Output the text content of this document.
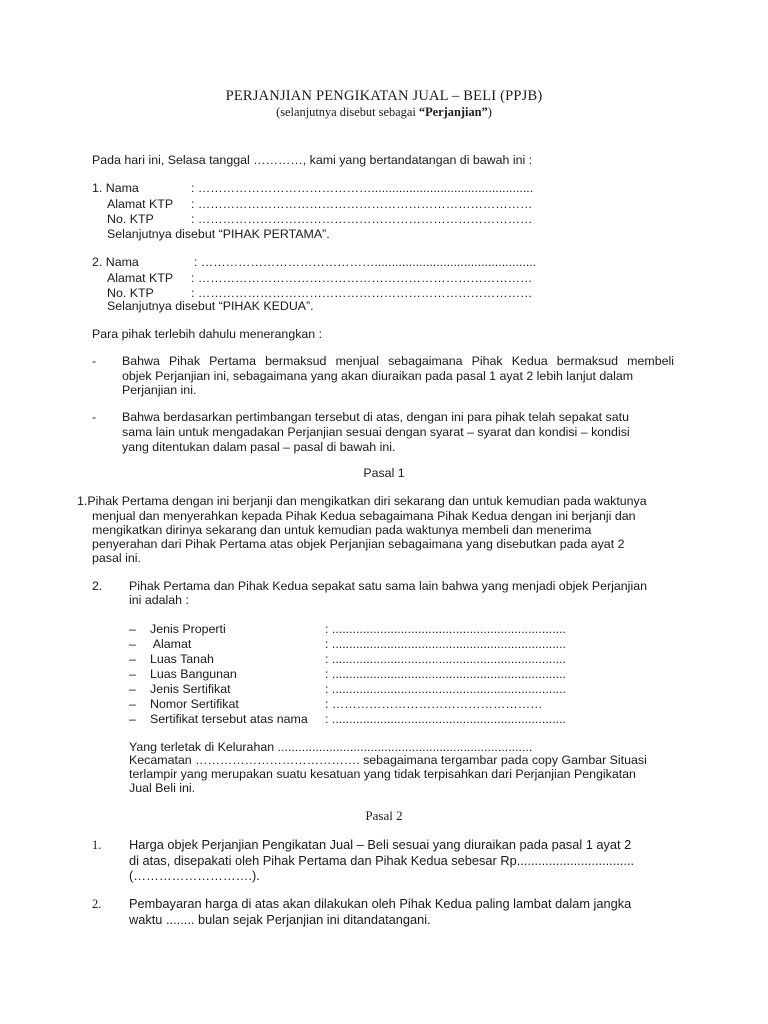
PERJANJIAN PENGIKATAN JUAL – BELI (PPJB)
(selanjutnya disebut sebagai “Perjanjian”)
Pada hari ini, Selasa tanggal …………, kami yang bertandatangan di bawah ini :
1. Nama	: ……………………………………...............................................
Alamat KTP : ………………………………………………………………………
No. KTP	: ………………………………………………………………………
Selanjutnya disebut “PIHAK PERTAMA”.
2. Nama	: ……………………………………...............................................
Alamat KTP : ………………………………………………………………………
No. KTP	: ………………………………………………………………………
Selanjutnya disebut “PIHAK KEDUA”.
Para pihak terlebih dahulu menerangkan :
- Bahwa Pihak Pertama bermaksud menjual sebagaimana Pihak Kedua bermaksud membeli
objek Perjanjian ini, sebagaimana yang akan diuraikan pada pasal 1 ayat 2 lebih lanjut dalam
Perjanjian ini.
- Bahwa berdasarkan pertimbangan tersebut di atas, dengan ini para pihak telah sepakat satu
sama lain untuk mengadakan Perjanjian sesuai dengan syarat – syarat dan kondisi – kondisi
yang ditentukan dalam pasal – pasal di bawah ini.
Pasal 1
1.Pihak Pertama dengan ini berjanji dan mengikatkan diri sekarang dan untuk kemudian pada waktunya
menjual dan menyerahkan kepada Pihak Kedua sebagaimana Pihak Kedua dengan ini berjanji dan
mengikatkan dirinya sekarang dan untuk kemudian pada waktunya membeli dan menerima
penyerahan dari Pihak Pertama atas objek Perjanjian sebagaimana yang disebutkan pada ayat 2
pasal ini.
2. Pihak Pertama dan Pihak Kedua sepakat satu sama lain bahwa yang menjadi objek Perjanjian
ini adalah :
– Jenis Properti	: ....................................................................
– Alamat	: ....................................................................
– Luas Tanah	: ....................................................................
– Luas Bangunan	: ....................................................................
– Jenis Sertifikat	: ....................................................................
– Nomor Sertifikat	: ……………………………………………
– Sertifikat tersebut atas nama : ....................................................................
Yang terletak di Kelurahan ..........................................................................
Kecamatan …………………………………. sebagaimana tergambar pada copy Gambar Situasi
terlampir yang merupakan suatu kesatuan yang tidak terpisahkan dari Perjanjian Pengikatan
Jual Beli ini.
Pasal 2
1. Harga objek Perjanjian Pengikatan Jual – Beli sesuai yang diuraikan pada pasal 1 ayat 2
di atas, disepakati oleh Pihak Pertama dan Pihak Kedua sebesar Rp.................................
(……………………….).
2. Pembayaran harga di atas akan dilakukan oleh Pihak Kedua paling lambat dalam jangka
waktu ........ bulan sejak Perjanjian ini ditandatangani.
